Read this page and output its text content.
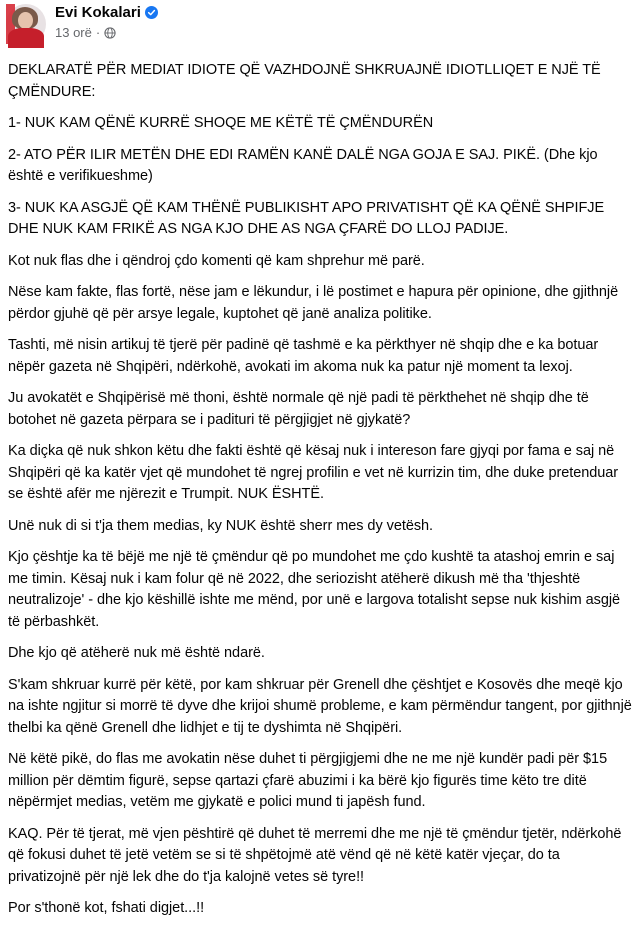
Evi Kokalari
13 orë ·

DEKLARATË PËR MEDIAT IDIOTE QË VAZHDOJNË SHKRUAJNË IDIOTLLIQET E NJË TË ÇMËNDURE:

1- NUK KAM QËNË KURRË SHOQE ME KËTË TË ÇMËNDURËN

2- ATO PËR ILIR METËN DHE EDI RAMËN KANË DALË NGA GOJA E SAJ. PIKË. (Dhe kjo është e verifikueshme)

3- NUK KA ASGJË QË KAM THËNË PUBLIKISHT APO PRIVATISHT QË KA QËNË SHPIFJE DHE NUK KAM FRIKË AS NGA KJO DHE AS NGA ÇFARË DO LLOJ PADIJE.

Kot nuk flas dhe i qëndroj çdo komenti që kam shprehur më parë.

Nëse kam fakte, flas fortë, nëse jam e lëkundur, i lë postimet e hapura për opinione, dhe gjithnjë përdor gjuhë që për arsye legale, kuptohet që janë analiza politike.

Tashti, më nisin artikuj të tjerë për padinë që tashmë e ka përkthyer në shqip dhe e ka botuar nëpër gazeta në Shqipëri, ndërkohë, avokati im akoma nuk ka patur një moment ta lexoj.

Ju avokatët e Shqipërisë më thoni, është normale që një padi të përkthehet në shqip dhe të botohet në gazeta përpara se i padituri të përgjigjet në gjykatë?

Ka diçka që nuk shkon këtu dhe fakti është që kësaj nuk i intereson fare gjyqi por fama e saj në Shqipëri që ka katër vjet që mundohet të ngrej profilin e vet në kurrizin tim, dhe duke pretenduar se është afër me njërezit e Trumpit. NUK ËSHTË.

Unë nuk di si t'ja them medias, ky NUK është sherr mes dy vetësh.

Kjo çështje ka të bëjë me një të çmëndur që po mundohet me çdo kushtë ta atashoj emrin e saj me timin. Kësaj nuk i kam folur që në 2022, dhe seriozisht atëherë dikush më tha 'thjeshtë neutralizoje' - dhe kjo këshillë ishte me mënd, por unë e largova totalisht sepse nuk kishim asgjë të përbashkët.

Dhe kjo që atëherë nuk më është ndarë.

S'kam shkruar kurrë për këtë, por kam shkruar për Grenell dhe çështjet e Kosovës dhe meqë kjo na ishte ngjitur si morrë të dyve dhe krijoi shumë probleme, e kam përmëndur tangent, por gjithnjë thelbi ka qënë Grenell dhe lidhjet e tij te dyshimta në Shqipëri.

Në këtë pikë, do flas me avokatin nëse duhet ti përgjigjemi dhe ne me një kundër padi për $15 million për dëmtim figurë, sepse qartazi çfarë abuzimi i ka bërë kjo figurës time këto tre ditë nëpërmjet medias, vetëm me gjykatë e polici mund ti japësh fund.

KAQ. Për të tjerat, më vjen pështirë që duhet të merremi dhe me një të çmëndur tjetër, ndërkohë që fokusi duhet të jetë vetëm se si të shpëtojmë atë vënd që në këtë katër vjeçar, do ta privatizojnë për një lek dhe do t'ja kalojnë vetes së tyre!!

Por s'thonë kot, fshati digjet...!!
